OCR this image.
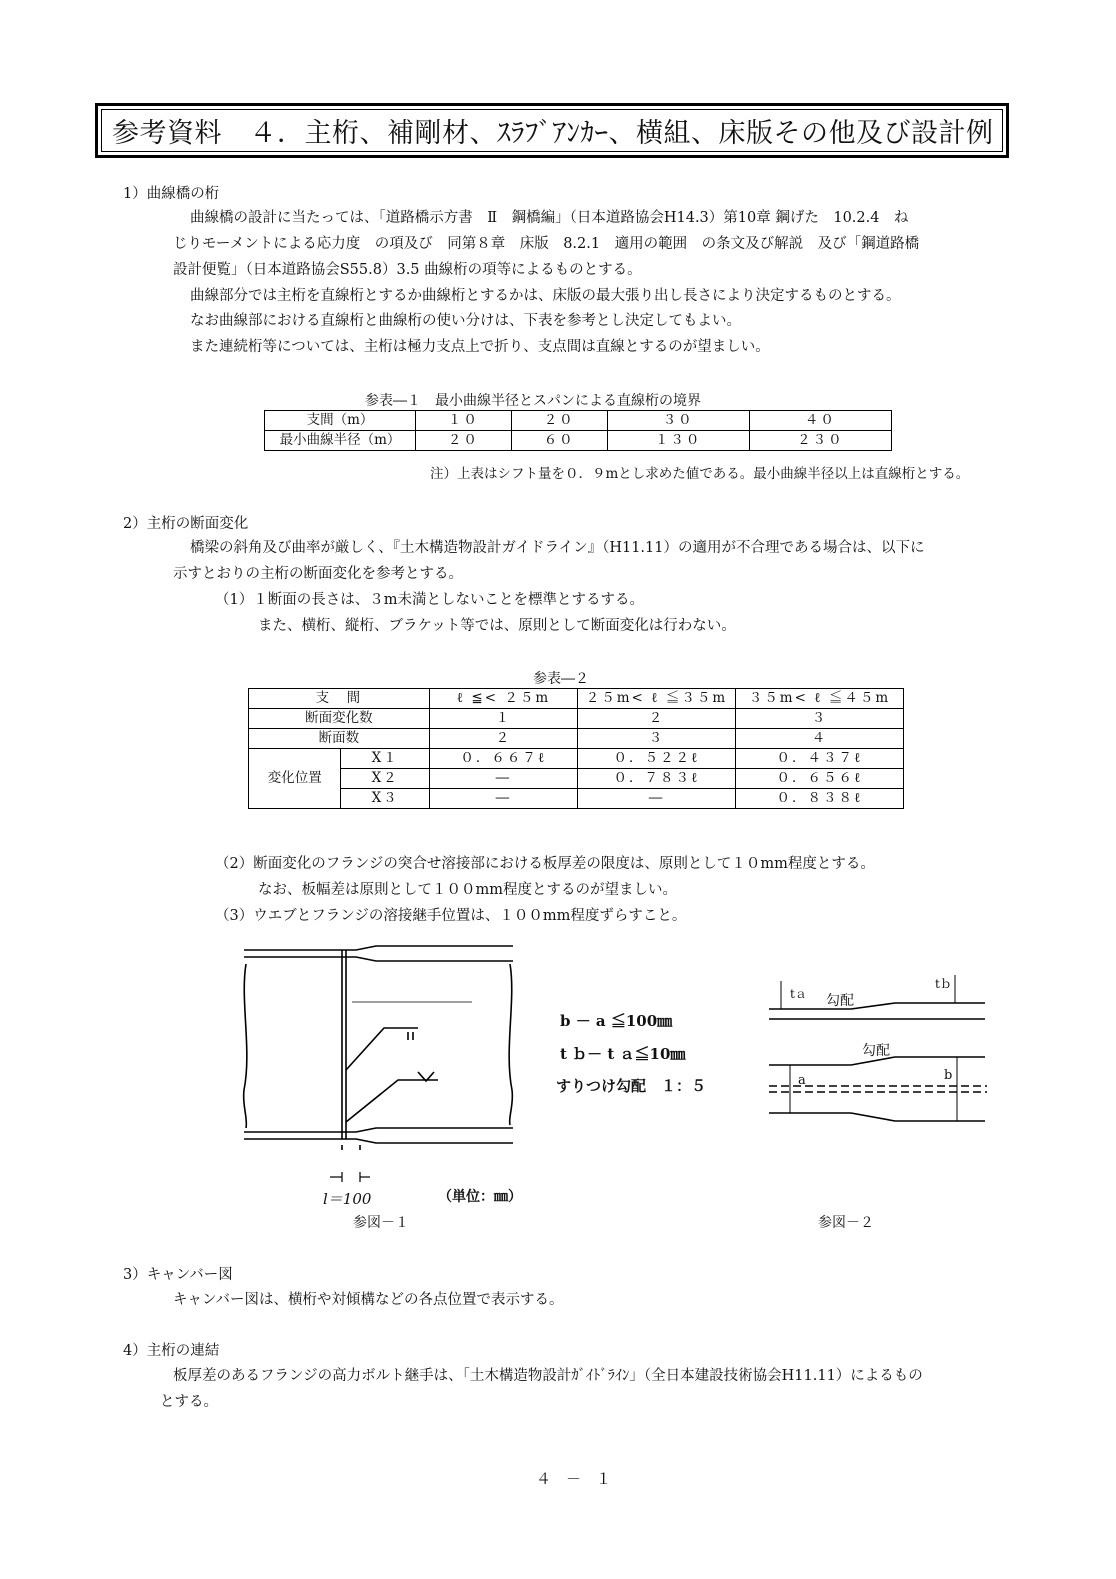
参考資料　４．主桁、補剛材、ｽﾗﾌﾞｱﾝｶｰ、横組、床版その他及び設計例
1）曲線橋の桁
曲線橋の設計に当たっては、「道路橋示方書　Ⅱ　鋼橋編」（日本道路協会H14.3）第10章 鋼げた　10.2.4　ね
じりモーメントによる応力度　の項及び　同第８章　床版　8.2.1　適用の範囲　の条文及び解説　及び「鋼道路橋
設計便覧」（日本道路協会S55.8）3.5 曲線桁の項等によるものとする。
曲線部分では主桁を直線桁とするか曲線桁とするかは、床版の最大張り出し長さにより決定するものとする。
なお曲線部における直線桁と曲線桁の使い分けは、下表を参考とし決定してもよい。
また連続桁等については、主桁は極力支点上で折り、支点間は直線とするのが望ましい。
参表―１　最小曲線半径とスパンによる直線桁の境界
支間（m）	１０	２０	３０	４０
最小曲線半径（m）	２０	６０	１３０	２３０
注）上表はシフト量を０．９mとし求めた値である。最小曲線半径以上は直線桁とする。
2）主桁の断面変化
橋梁の斜角及び曲率が厳しく、『土木構造物設計ガイドライン』（H11.11）の適用が不合理である場合は、以下に
示すとおりの主桁の断面変化を参考とする。
（1）１断面の長さは、３m未満としないことを標準とするする。
また、横桁、縦桁、ブラケット等では、原則として断面変化は行わない。
参表―２
支　間		ℓ ≦< ２５m	２５m< ℓ ≦３５m	３５m< ℓ ≦４５m
断面変化数		１	２	３
断面数		２	３	４
変化位置	X１	０．６６７ℓ	０．５２２ℓ	０．４３７ℓ
	X２	―	０．７８３ℓ	０．６５６ℓ
	X３	―	―	０．８３８ℓ
（2）断面変化のフランジの突合せ溶接部における板厚差の限度は、原則として１０mm程度とする。
なお、板幅差は原則として１００mm程度とするのが望ましい。
（3）ウエブとフランジの溶接継手位置は、１００mm程度ずらすこと。
l＝100	（単位：㎜）
参図－１
b － a ≦100㎜
t ｂ－ t ａ≦10㎜
すりつけ勾配　１：５
tａ
tｂ
勾配
勾配
a	b
参図－２
3）キャンバー図
キャンバー図は、横桁や対傾構などの各点位置で表示する。
4）主桁の連結
板厚差のあるフランジの高力ボルト継手は、「土木構造物設計ｶﾞｲﾄﾞﾗｲﾝ」（全日本建設技術協会H11.11）によるもの
とする。
４　－　１
